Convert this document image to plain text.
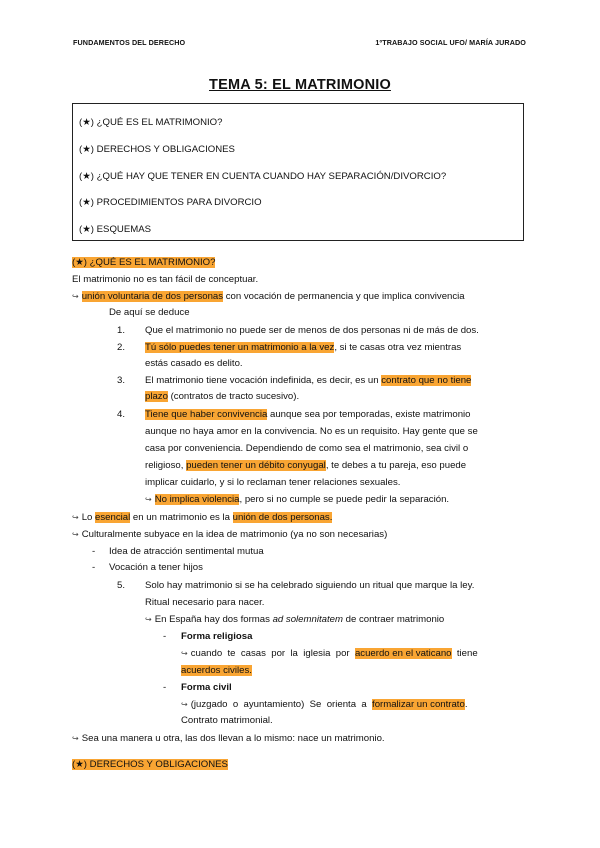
FUNDAMENTOS DEL DERECHO	1ºTRABAJO SOCIAL UFO/ MARÍA JURADO
TEMA 5: EL MATRIMONIO
(★) ¿QUÉ ES EL MATRIMONIO?
(★) DERECHOS Y OBLIGACIONES
(★) ¿QUÉ HAY QUE TENER EN CUENTA CUANDO HAY SEPARACIÓN/DIVORCIO?
(★) PROCEDIMIENTOS PARA DIVORCIO
(★) ESQUEMAS
(★) ¿QUÉ ES EL MATRIMONIO?
El matrimonio no es tan fácil de conceptuar.
↪ unión voluntaria de dos personas con vocación de permanencia y que implica convivencia
De aquí se deduce
1. Que el matrimonio no puede ser de menos de dos personas ni de más de dos.
2. Tú sólo puedes tener un matrimonio a la vez, si te casas otra vez mientras
estás casado es delito.
3. El matrimonio tiene vocación indefinida, es decir, es un contrato que no tiene
plazo (contratos de tracto sucesivo).
4. Tiene que haber convivencia aunque sea por temporadas, existe matrimonio
aunque no haya amor en la convivencia. No es un requisito. Hay gente que se
casa por conveniencia. Dependiendo de como sea el matrimonio, sea civil o
religioso, pueden tener un débito conyugal, te debes a tu pareja, eso puede
implicar cuidarlo, y si lo reclaman tener relaciones sexuales.
↪ No implica violencia, pero si no cumple se puede pedir la separación.
↪ Lo esencial en un matrimonio es la unión de dos personas.
↪ Culturalmente subyace en la idea de matrimonio (ya no son necesarias)
- Idea de atracción sentimental mutua
- Vocación a tener hijos
5. Solo hay matrimonio si se ha celebrado siguiendo un ritual que marque la ley.
Ritual necesario para nacer.
↪ En España hay dos formas ad solemnitatem de contraer matrimonio
- Forma religiosa
↪ cuando  te  casas  por  la  iglesia  por  acuerdo en el vaticano  tiene
acuerdos civiles.
- Forma civil
↪ (juzgado  o  ayuntamiento)  Se  orienta  a  formalizar un contrato.
Contrato matrimonial.
↪ Sea una manera u otra, las dos llevan a lo mismo: nace un matrimonio.
(★) DERECHOS Y OBLIGACIONES
